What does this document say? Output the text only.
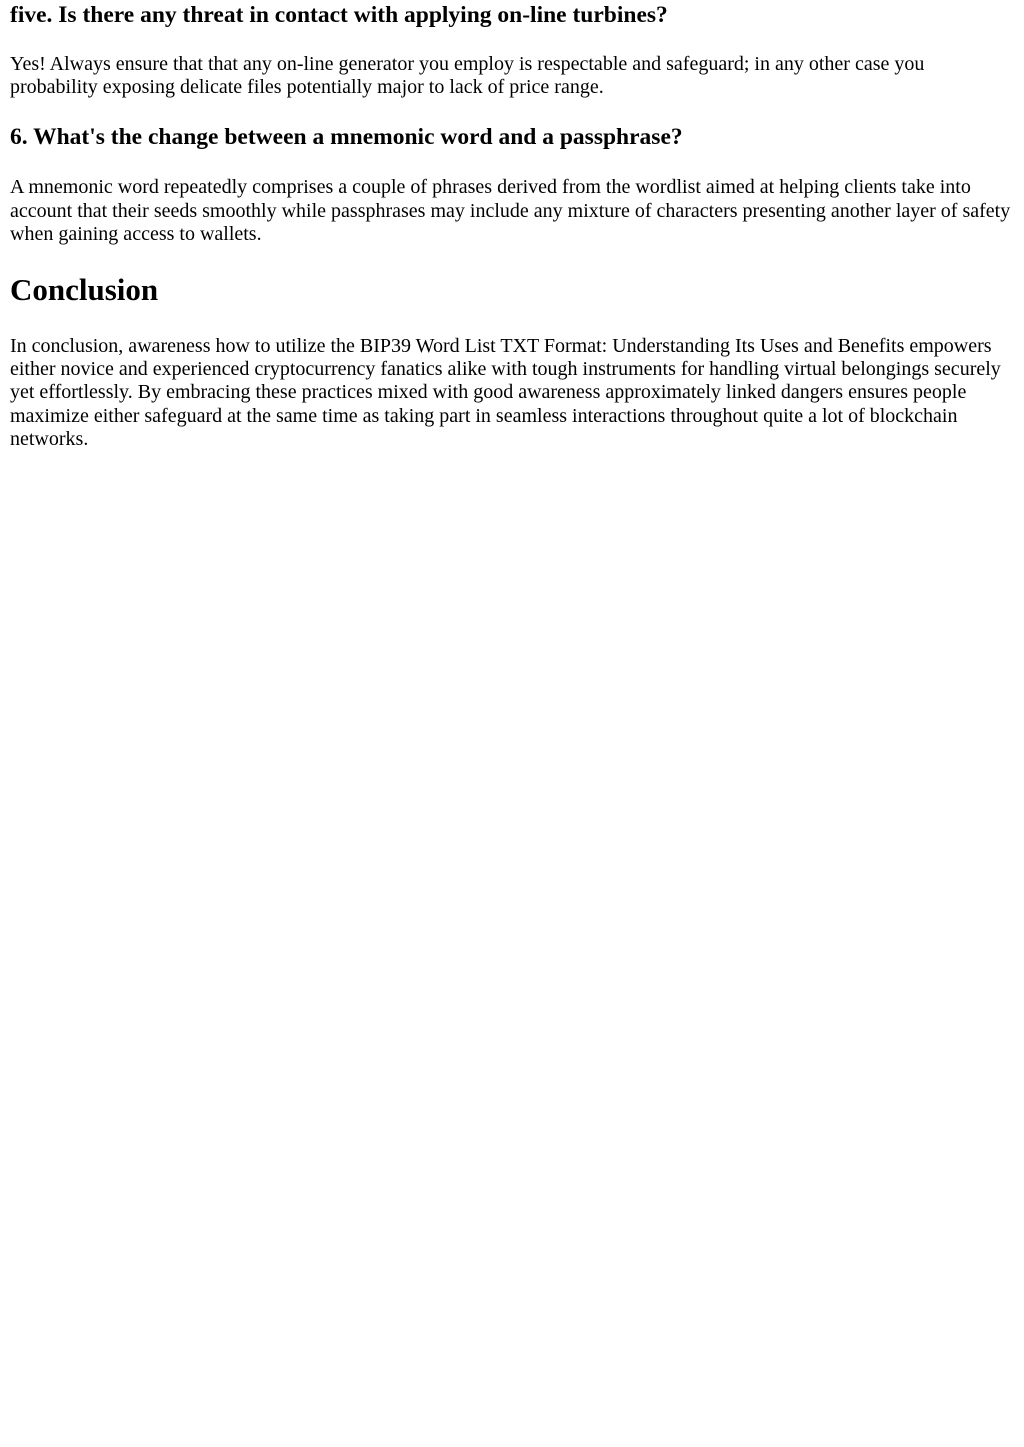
five. Is there any threat in contact with applying on-line turbines?

Yes! Always ensure that that any on-line generator you employ is respectable and safeguard; in any other case you probability exposing delicate files potentially major to lack of price range.

6. What's the change between a mnemonic word and a passphrase?

A mnemonic word repeatedly comprises a couple of phrases derived from the wordlist aimed at helping clients take into account that their seeds smoothly while passphrases may include any mixture of characters presenting another layer of safety when gaining access to wallets.

Conclusion

In conclusion, awareness how to utilize the BIP39 Word List TXT Format: Understanding Its Uses and Benefits empowers either novice and experienced cryptocurrency fanatics alike with tough instruments for handling virtual belongings securely yet effortlessly. By embracing these practices mixed with good awareness approximately linked dangers ensures people maximize either safeguard at the same time as taking part in seamless interactions throughout quite a lot of blockchain networks.
